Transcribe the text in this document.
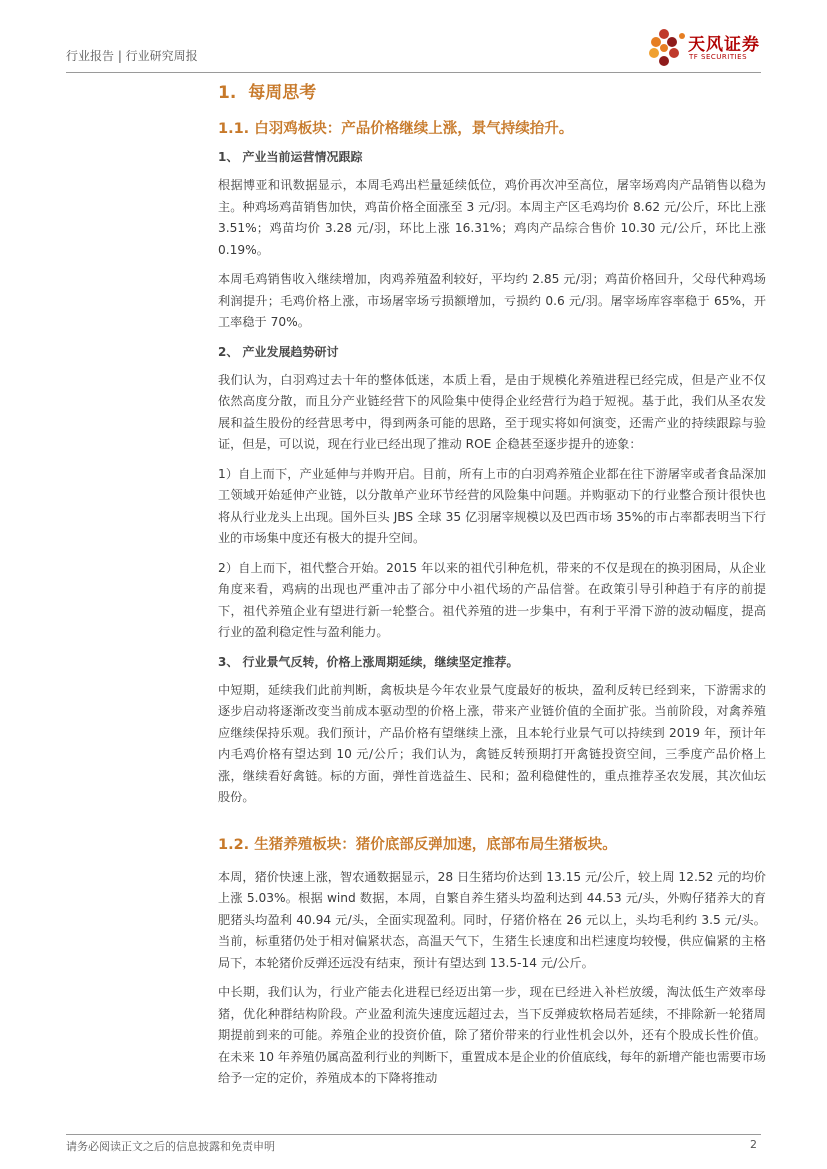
行业报告 | 行业研究周报
天风证券
TF SECURITIES
1. 每周思考
1.1. 白羽鸡板块：产品价格继续上涨，景气持续抬升。
1、 产业当前运营情况跟踪

根据博亚和讯数据显示，本周毛鸡出栏量延续低位，鸡价再次冲至高位，屠宰场鸡肉产品销售以稳为主。种鸡场鸡苗销售加快，鸡苗价格全面涨至 3 元/羽。本周主产区毛鸡均价 8.62 元/公斤，环比上涨 3.51%；鸡苗均价 3.28 元/羽，环比上涨 16.31%；鸡肉产品综合售价 10.30 元/公斤，环比上涨 0.19%。

本周毛鸡销售收入继续增加，肉鸡养殖盈利较好，平均约 2.85 元/羽；鸡苗价格回升，父母代种鸡场利润提升；毛鸡价格上涨，市场屠宰场亏损额增加，亏损约 0.6 元/羽。屠宰场库容率稳于 65%，开工率稳于 70%。

2、 产业发展趋势研讨

我们认为，白羽鸡过去十年的整体低迷，本质上看，是由于规模化养殖进程已经完成，但是产业不仅依然高度分散，而且分产业链经营下的风险集中使得企业经营行为趋于短视。基于此，我们从圣农发展和益生股份的经营思考中，得到两条可能的思路，至于现实将如何演变，还需产业的持续跟踪与验证，但是，可以说，现在行业已经出现了推动 ROE 企稳甚至逐步提升的迹象：

1）自上而下，产业延伸与并购开启。目前，所有上市的白羽鸡养殖企业都在往下游屠宰或者食品深加工领域开始延伸产业链，以分散单产业环节经营的风险集中问题。并购驱动下的行业整合预计很快也将从行业龙头上出现。国外巨头 JBS 全球 35 亿羽屠宰规模以及巴西市场 35%的市占率都表明当下行业的市场集中度还有极大的提升空间。

2）自上而下，祖代整合开始。2015 年以来的祖代引种危机，带来的不仅是现在的换羽困局，从企业角度来看，鸡病的出现也严重冲击了部分中小祖代场的产品信誉。在政策引导引种趋于有序的前提下，祖代养殖企业有望进行新一轮整合。祖代养殖的进一步集中，有利于平滑下游的波动幅度，提高行业的盈利稳定性与盈利能力。

3、 行业景气反转，价格上涨周期延续，继续坚定推荐。

中短期，延续我们此前判断，禽板块是今年农业景气度最好的板块，盈利反转已经到来，下游需求的逐步启动将逐渐改变当前成本驱动型的价格上涨，带来产业链价值的全面扩张。当前阶段，对禽养殖应继续保持乐观。我们预计，产品价格有望继续上涨，且本轮行业景气可以持续到 2019 年，预计年内毛鸡价格有望达到 10 元/公斤；我们认为，禽链反转预期打开禽链投资空间，三季度产品价格上涨，继续看好禽链。标的方面，弹性首选益生、民和；盈利稳健性的，重点推荐圣农发展，其次仙坛股份。

1.2. 生猪养殖板块：猪价底部反弹加速，底部布局生猪板块。

本周，猪价快速上涨，智农通数据显示，28 日生猪均价达到 13.15 元/公斤，较上周 12.52 元的均价上涨 5.03%。根据 wind 数据，本周，自繁自养生猪头均盈利达到 44.53 元/头，外购仔猪养大的育肥猪头均盈利 40.94 元/头，全面实现盈利。同时，仔猪价格在 26 元以上，头均毛利约 3.5 元/头。当前，标重猪仍处于相对偏紧状态，高温天气下，生猪生长速度和出栏速度均较慢，供应偏紧的主格局下，本轮猪价反弹还远没有结束，预计有望达到 13.5-14 元/公斤。

中长期，我们认为，行业产能去化进程已经迈出第一步，现在已经进入补栏放缓，淘汰低生产效率母猪，优化种群结构阶段。产业盈利流失速度远超过去，当下反弹疲软格局若延续，不排除新一轮猪周期提前到来的可能。养殖企业的投资价值，除了猪价带来的行业性机会以外，还有个股成长性价值。在未来 10 年养殖仍属高盈利行业的判断下，重置成本是企业的价值底线，每年的新增产能也需要市场给予一定的定价，养殖成本的下降将推动

请务必阅读正文之后的信息披露和免责申明	2
